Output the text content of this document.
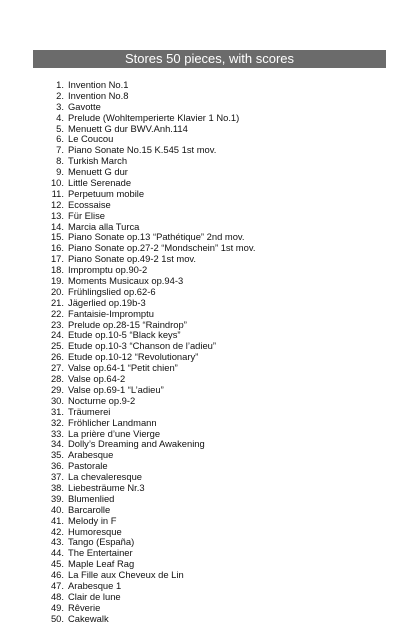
Stores 50 pieces, with scores
1. Invention No.1
2. Invention No.8
3. Gavotte
4. Prelude (Wohltemperierte Klavier 1 No.1)
5. Menuett G dur BWV.Anh.114
6. Le Coucou
7. Piano Sonate No.15 K.545 1st mov.
8. Turkish March
9. Menuett G dur
10. Little Serenade
11. Perpetuum mobile
12. Ecossaise
13. Für Elise
14. Marcia alla Turca
15. Piano Sonate op.13 “Pathétique” 2nd mov.
16. Piano Sonate op.27-2 “Mondschein” 1st mov.
17. Piano Sonate op.49-2 1st mov.
18. Impromptu op.90-2
19. Moments Musicaux op.94-3
20. Frühlingslied op.62-6
21. Jägerlied op.19b-3
22. Fantaisie-Impromptu
23. Prelude op.28-15 “Raindrop”
24. Etude op.10-5 “Black keys”
25. Etude op.10-3 “Chanson de l’adieu”
26. Etude op.10-12 “Revolutionary”
27. Valse op.64-1 “Petit chien”
28. Valse op.64-2
29. Valse op.69-1 “L’adieu”
30. Nocturne op.9-2
31. Träumerei
32. Fröhlicher Landmann
33. La prière d’une Vierge
34. Dolly’s Dreaming and Awakening
35. Arabesque
36. Pastorale
37. La chevaleresque
38. Liebesträume Nr.3
39. Blumenlied
40. Barcarolle
41. Melody in F
42. Humoresque
43. Tango (España)
44. The Entertainer
45. Maple Leaf Rag
46. La Fille aux Cheveux de Lin
47. Arabesque 1
48. Clair de lune
49. Rêverie
50. Cakewalk
